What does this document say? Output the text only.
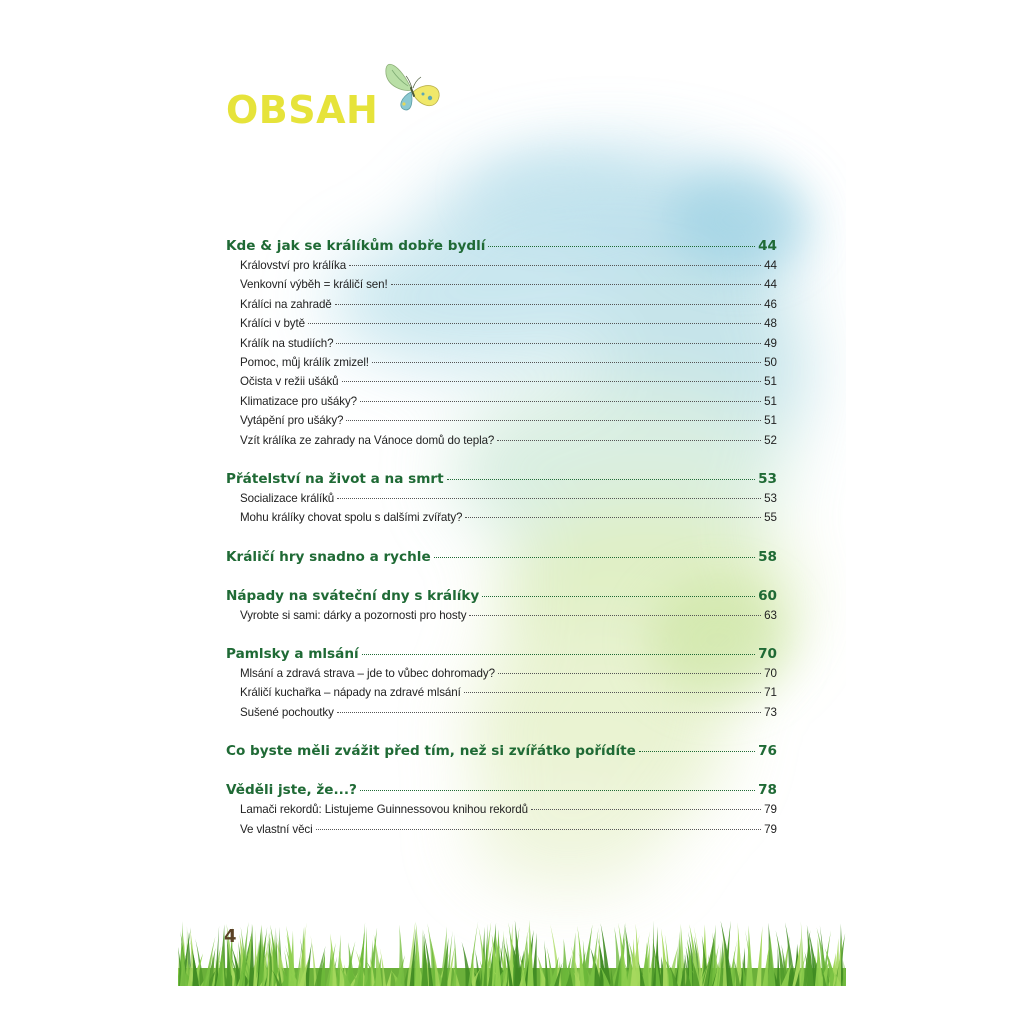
OBSAH
Kde & jak se králíkům dobře bydlí	44
Království pro králíka	44
Venkovní výběh = králičí sen!	44
Králíci na zahradě	46
Králíci v bytě	48
Králík na studiích?	49
Pomoc, můj králík zmizel!	50
Očista v režii ušáků	51
Klimatizace pro ušáky?	51
Vytápění pro ušáky?	51
Vzít králíka ze zahrady na Vánoce domů do tepla?	52
Přátelství na život a na smrt	53
Socializace králíků	53
Mohu králíky chovat spolu s dalšími zvířaty?	55
Králičí hry snadno a rychle	58
Nápady na sváteční dny s králíky	60
Vyrobte si sami: dárky a pozornosti pro hosty	63
Pamlsky a mlsání	70
Mlsání a zdravá strava – jde to vůbec dohromady?	70
Králičí kuchařka – nápady na zdravé mlsání	71
Sušené pochoutky	73
Co byste měli zvážit před tím, než si zvířátko pořídíte	76
Věděli jste, že...?	78
Lamači rekordů: Listujeme Guinnessovou knihou rekordů	79
Ve vlastní věci	79
4
